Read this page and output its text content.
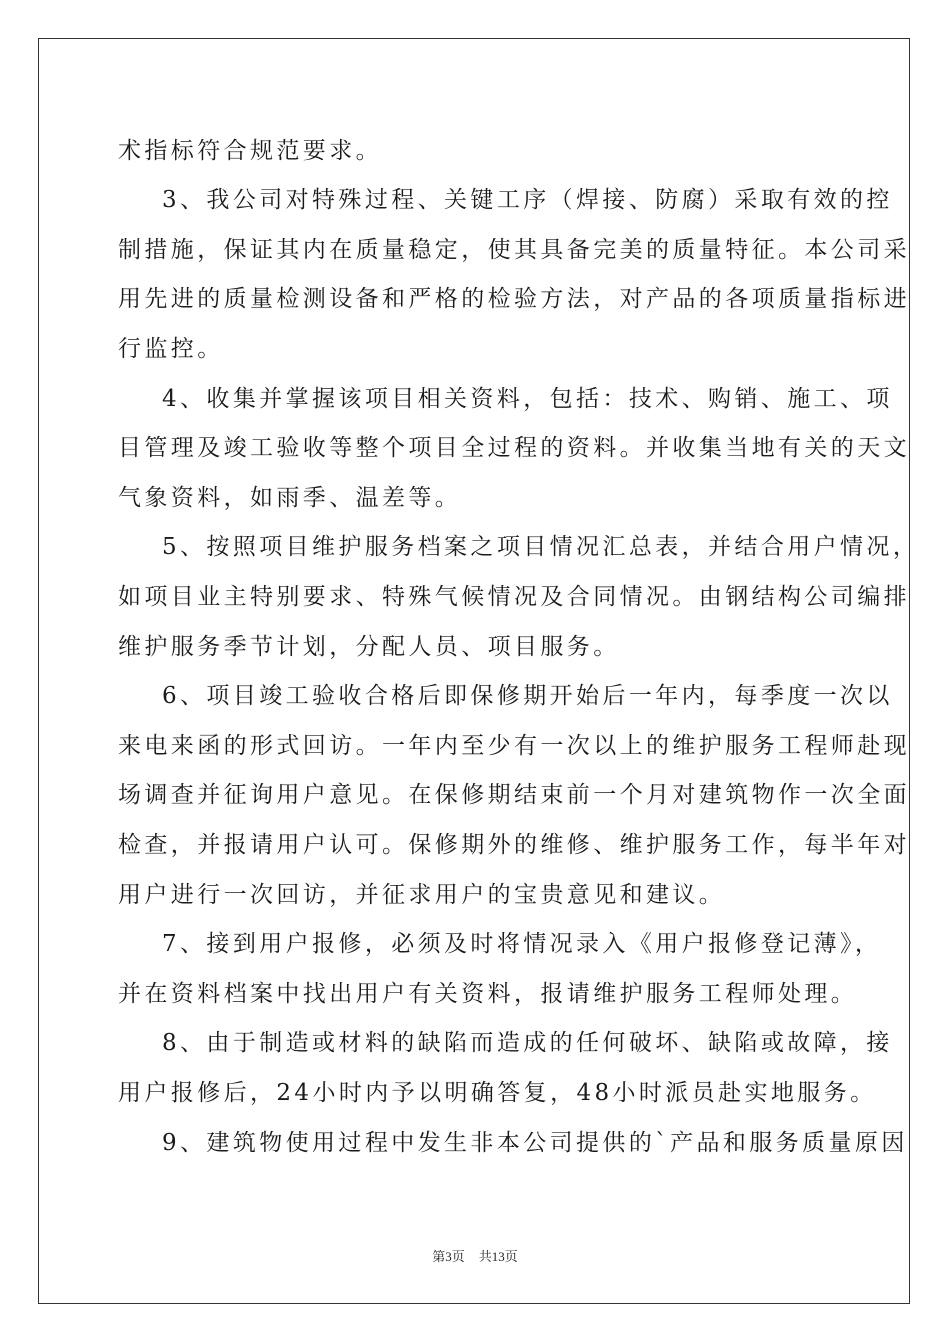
术指标符合规范要求。
3、我公司对特殊过程、关键工序（焊接、防腐）采取有效的控
制措施，保证其内在质量稳定，使其具备完美的质量特征。本公司采
用先进的质量检测设备和严格的检验方法，对产品的各项质量指标进
行监控。
4、收集并掌握该项目相关资料，包括：技术、购销、施工、项
目管理及竣工验收等整个项目全过程的资料。并收集当地有关的天文
气象资料，如雨季、温差等。
5、按照项目维护服务档案之项目情况汇总表，并结合用户情况，
如项目业主特别要求、特殊气候情况及合同情况。由钢结构公司编排
维护服务季节计划，分配人员、项目服务。
6、项目竣工验收合格后即保修期开始后一年内，每季度一次以
来电来函的形式回访。一年内至少有一次以上的维护服务工程师赴现
场调查并征询用户意见。在保修期结束前一个月对建筑物作一次全面
检查，并报请用户认可。保修期外的维修、维护服务工作，每半年对
用户进行一次回访，并征求用户的宝贵意见和建议。
7、接到用户报修，必须及时将情况录入《用户报修登记薄》，
并在资料档案中找出用户有关资料，报请维护服务工程师处理。
8、由于制造或材料的缺陷而造成的任何破坏、缺陷或故障，接
用户报修后，24小时内予以明确答复，48小时派员赴实地服务。
9、建筑物使用过程中发生非本公司提供的`产品和服务质量原因
第3页 共13页
